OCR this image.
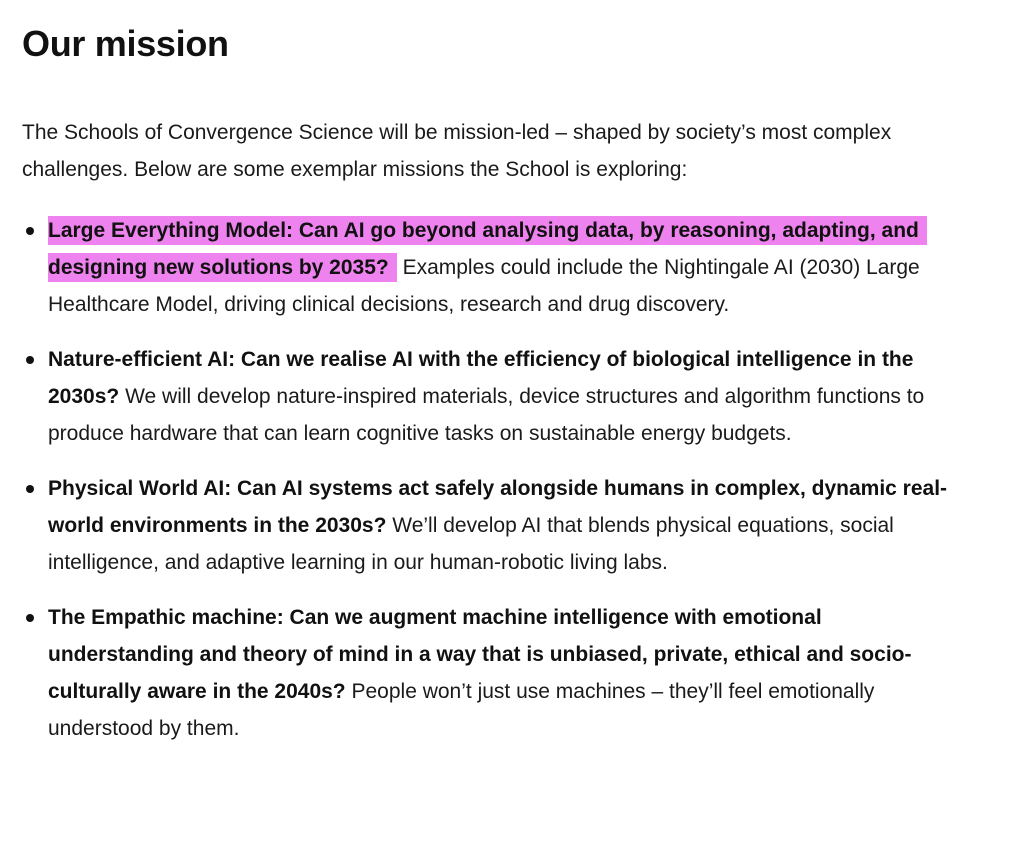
Our mission

The Schools of Convergence Science will be mission-led – shaped by society’s most complex challenges. Below are some exemplar missions the School is exploring:

Large Everything Model: Can AI go beyond analysing data, by reasoning, adapting, and designing new solutions by 2035? Examples could include the Nightingale AI (2030) Large Healthcare Model, driving clinical decisions, research and drug discovery.
Nature-efficient AI: Can we realise AI with the efficiency of biological intelligence in the 2030s? We will develop nature-inspired materials, device structures and algorithm functions to produce hardware that can learn cognitive tasks on sustainable energy budgets.
Physical World AI: Can AI systems act safely alongside humans in complex, dynamic real-world environments in the 2030s? We’ll develop AI that blends physical equations, social intelligence, and adaptive learning in our human-robotic living labs.
The Empathic machine: Can we augment machine intelligence with emotional understanding and theory of mind in a way that is unbiased, private, ethical and socio-culturally aware in the 2040s? People won’t just use machines – they’ll feel emotionally understood by them.
